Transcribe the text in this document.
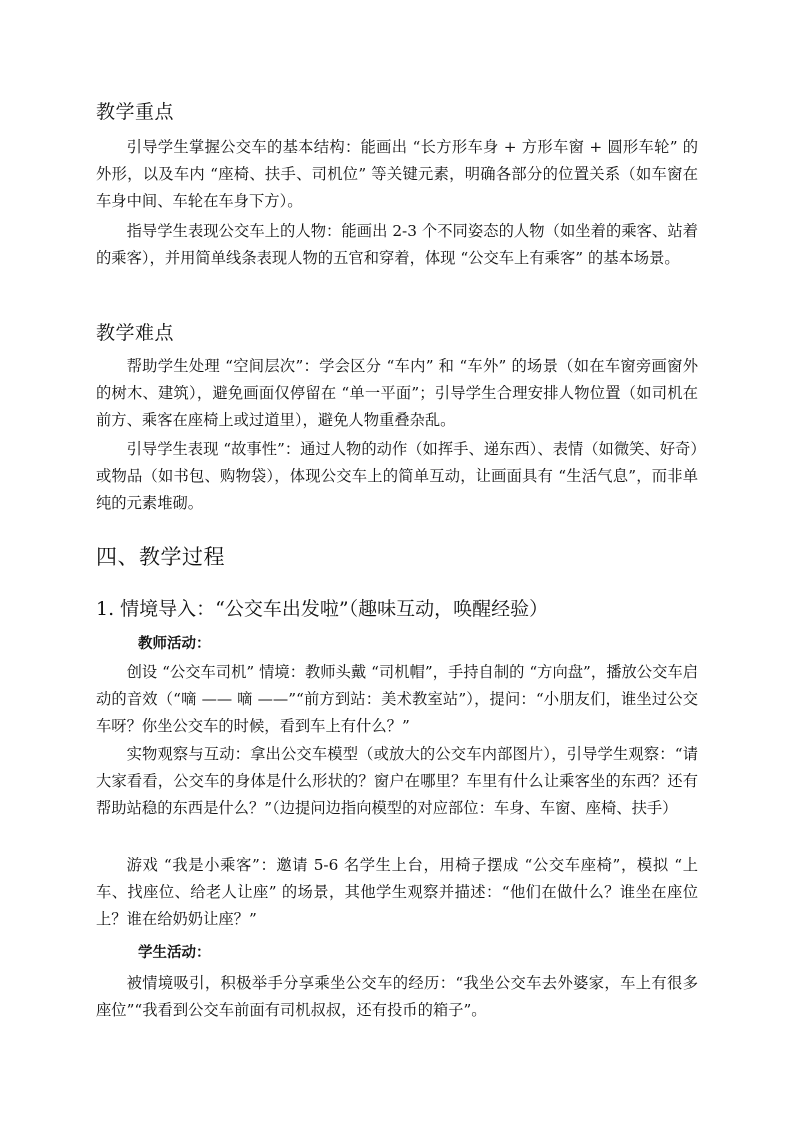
教学重点

引导学生掌握公交车的基本结构：能画出 “长方形车身 + 方形车窗 + 圆形车轮” 的外形，以及车内 “座椅、扶手、司机位” 等关键元素，明确各部分的位置关系（如车窗在车身中间、车轮在车身下方）。

指导学生表现公交车上的人物：能画出 2-3 个不同姿态的人物（如坐着的乘客、站着的乘客），并用简单线条表现人物的五官和穿着，体现 “公交车上有乘客” 的基本场景。

教学难点

帮助学生处理 “空间层次”：学会区分 “车内” 和 “车外” 的场景（如在车窗旁画窗外的树木、建筑），避免画面仅停留在 “单一平面”；引导学生合理安排人物位置（如司机在前方、乘客在座椅上或过道里），避免人物重叠杂乱。

引导学生表现 “故事性”：通过人物的动作（如挥手、递东西）、表情（如微笑、好奇）或物品（如书包、购物袋），体现公交车上的简单互动，让画面具有 “生活气息”，而非单纯的元素堆砌。

四、教学过程
1. 情境导入：“公交车出发啦”（趣味互动，唤醒经验）

教师活动：

创设 “公交车司机” 情境：教师头戴 “司机帽”，手持自制的 “方向盘”，播放公交车启动的音效（“嘀 —— 嘀 ——”“前方到站：美术教室站”），提问：“小朋友们，谁坐过公交车呀？你坐公交车的时候，看到车上有什么？”

实物观察与互动：拿出公交车模型（或放大的公交车内部图片），引导学生观察：“请大家看看，公交车的身体是什么形状的？窗户在哪里？车里有什么让乘客坐的东西？还有帮助站稳的东西是什么？”（边提问边指向模型的对应部位：车身、车窗、座椅、扶手）

游戏 “我是小乘客”：邀请 5-6 名学生上台，用椅子摆成 “公交车座椅”，模拟 “上车、找座位、给老人让座” 的场景，其他学生观察并描述：“他们在做什么？谁坐在座位上？谁在给奶奶让座？”

学生活动：

被情境吸引，积极举手分享乘坐公交车的经历：“我坐公交车去外婆家，车上有很多座位”“我看到公交车前面有司机叔叔，还有投币的箱子”。
